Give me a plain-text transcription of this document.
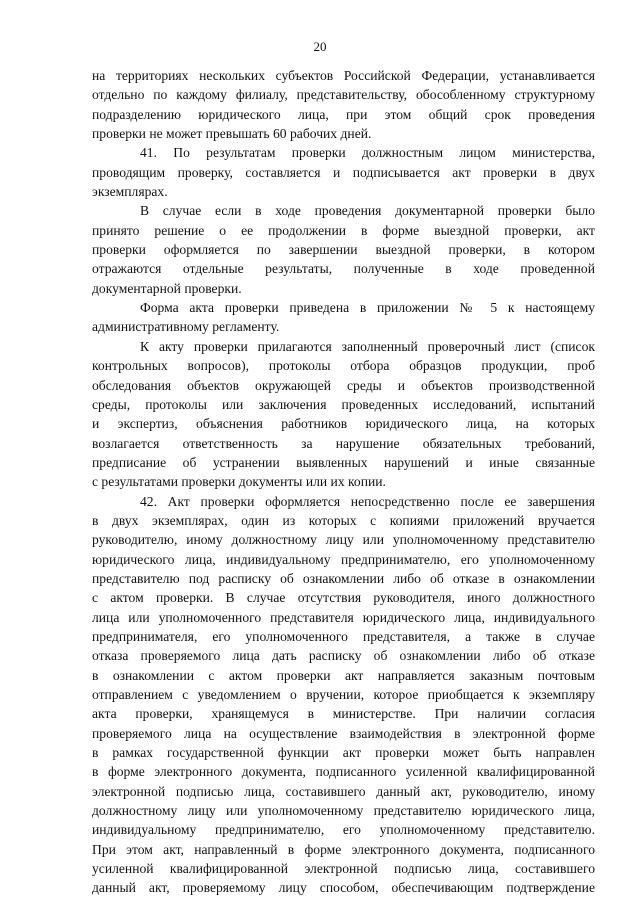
20
на территориях нескольких субъектов Российской Федерации, устанавливается
отдельно по каждому филиалу, представительству, обособленному структурному
подразделению юридического лица, при этом общий срок проведения
проверки не может превышать 60 рабочих дней.
41. По результатам проверки должностным лицом министерства,
проводящим проверку, составляется и подписывается акт проверки в двух
экземплярах.
В случае если в ходе проведения документарной проверки было
принято решение о ее продолжении в форме выездной проверки, акт
проверки оформляется по завершении выездной проверки, в котором
отражаются отдельные результаты, полученные в ходе проведенной
документарной проверки.
Форма акта проверки приведена в приложении № 5 к настоящему
административному регламенту.
К акту проверки прилагаются заполненный проверочный лист (список
контрольных вопросов), протоколы отбора образцов продукции, проб
обследования объектов окружающей среды и объектов производственной
среды, протоколы или заключения проведенных исследований, испытаний
и экспертиз, объяснения работников юридического лица, на которых
возлагается ответственность за нарушение обязательных требований,
предписание об устранении выявленных нарушений и иные связанные
с результатами проверки документы или их копии.
42. Акт проверки оформляется непосредственно после ее завершения
в двух экземплярах, один из которых с копиями приложений вручается
руководителю, иному должностному лицу или уполномоченному представителю
юридического лица, индивидуальному предпринимателю, его уполномоченному
представителю под расписку об ознакомлении либо об отказе в ознакомлении
с актом проверки. В случае отсутствия руководителя, иного должностного
лица или уполномоченного представителя юридического лица, индивидуального
предпринимателя, его уполномоченного представителя, а также в случае
отказа проверяемого лица дать расписку об ознакомлении либо об отказе
в ознакомлении с актом проверки акт направляется заказным почтовым
отправлением с уведомлением о вручении, которое приобщается к экземпляру
акта проверки, хранящемуся в министерстве. При наличии согласия
проверяемого лица на осуществление взаимодействия в электронной форме
в рамках государственной функции акт проверки может быть направлен
в форме электронного документа, подписанного усиленной квалифицированной
электронной подписью лица, составившего данный акт, руководителю, иному
должностному лицу или уполномоченному представителю юридического лица,
индивидуальному предпринимателю, его уполномоченному представителю.
При этом акт, направленный в форме электронного документа, подписанного
усиленной квалифицированной электронной подписью лица, составившего
данный акт, проверяемому лицу способом, обеспечивающим подтверждение
